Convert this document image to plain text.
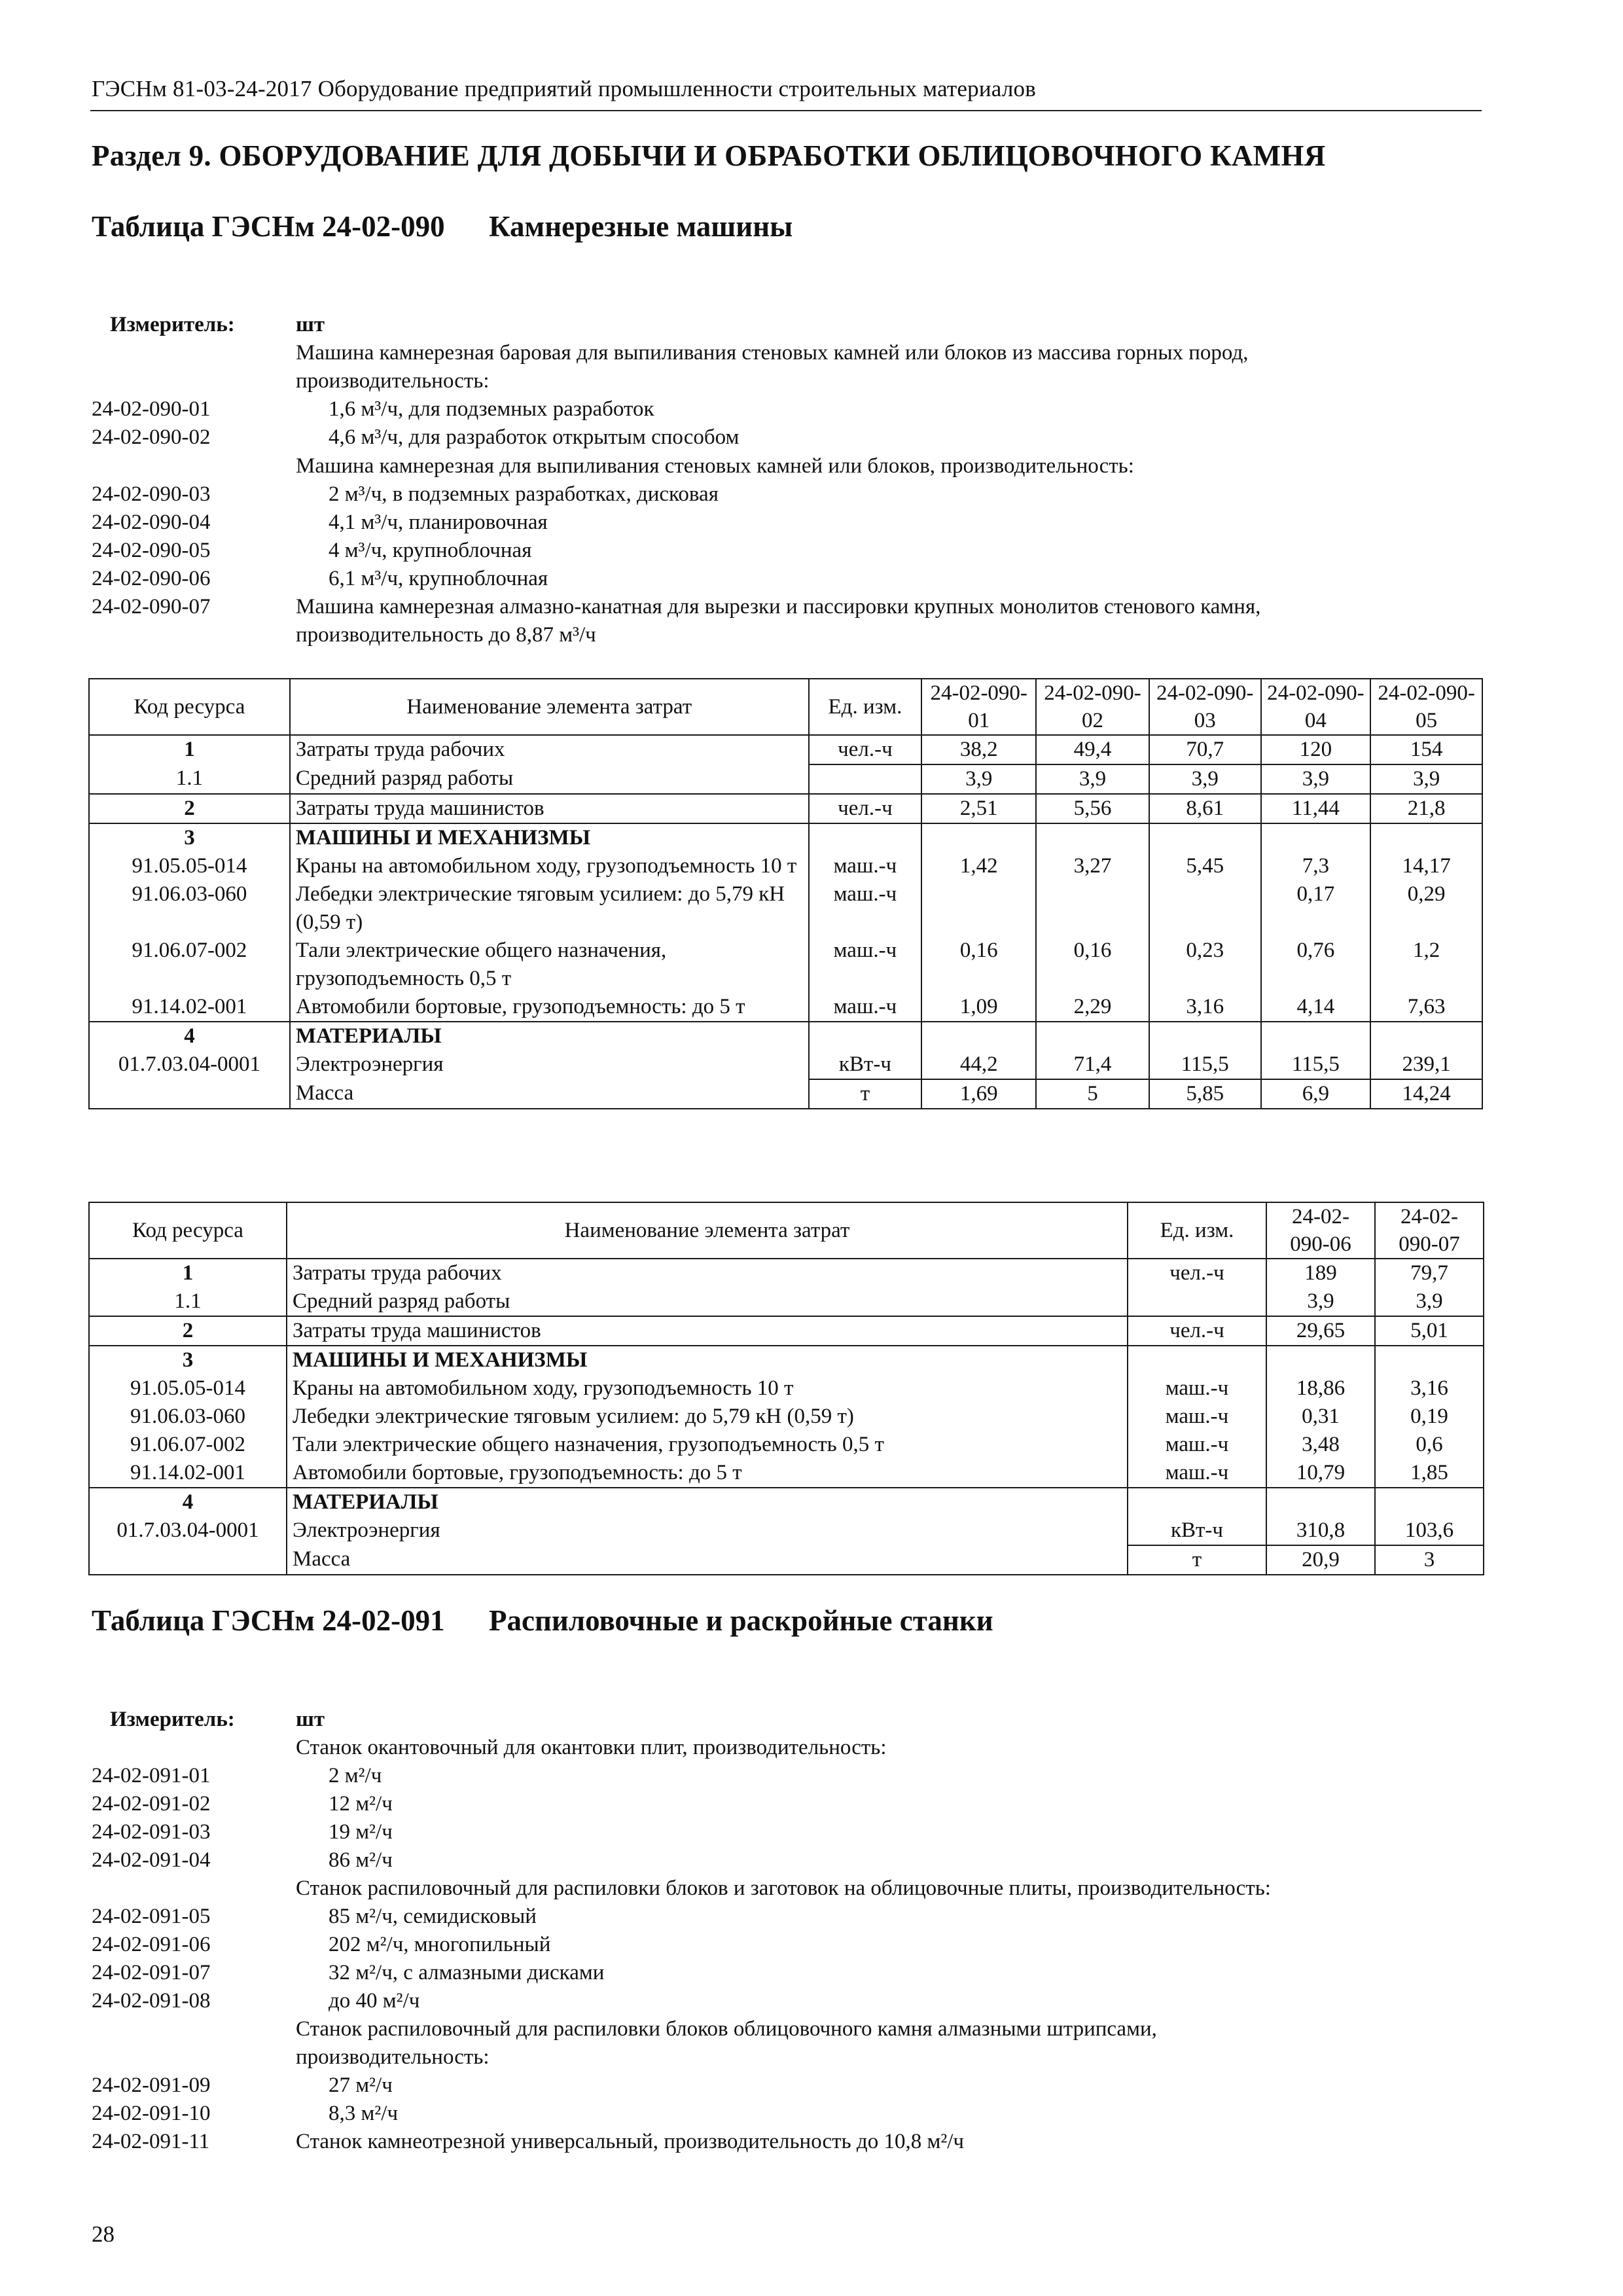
ГЭСНм 81-03-24-2017 Оборудование предприятий промышленности строительных материалов
Раздел 9. ОБОРУДОВАНИЕ ДЛЯ ДОБЫЧИ И ОБРАБОТКИ ОБЛИЦОВОЧНОГО КАМНЯ
Таблица ГЭСНм 24-02-090	Камнерезные машины
Измеритель:	шт
Машина камнерезная баровая для выпиливания стеновых камней или блоков из массива горных пород,
производительность:
24-02-090-01	1,6 м³/ч, для подземных разработок
24-02-090-02	4,6 м³/ч, для разработок открытым способом
Машина камнерезная для выпиливания стеновых камней или блоков, производительность:
24-02-090-03	2 м³/ч, в подземных разработках, дисковая
24-02-090-04	4,1 м³/ч, планировочная
24-02-090-05	4 м³/ч, крупноблочная
24-02-090-06	6,1 м³/ч, крупноблочная
24-02-090-07	Машина камнерезная алмазно-канатная для вырезки и пассировки крупных монолитов стенового камня,
производительность до 8,87 м³/ч
Код ресурса	Наименование элемента затрат	Ед. изм.	24-02-090-01	24-02-090-02	24-02-090-03	24-02-090-04	24-02-090-05
1	Затраты труда рабочих	чел.-ч	38,2	49,4	70,7	120	154
1.1	Средний разряд работы		3,9	3,9	3,9	3,9	3,9
2	Затраты труда машинистов	чел.-ч	2,51	5,56	8,61	11,44	21,8
3	МАШИНЫ И МЕХАНИЗМЫ						
91.05.05-014	Краны на автомобильном ходу, грузоподъемность 10 т	маш.-ч	1,42	3,27	5,45	7,3	14,17
91.06.03-060	Лебедки электрические тяговым усилием: до 5,79 кН (0,59 т)	маш.-ч				0,17	0,29
91.06.07-002	Тали электрические общего назначения, грузоподъемность 0,5 т	маш.-ч	0,16	0,16	0,23	0,76	1,2
91.14.02-001	Автомобили бортовые, грузоподъемность: до 5 т	маш.-ч	1,09	2,29	3,16	4,14	7,63
4	МАТЕРИАЛЫ						
01.7.03.04-0001	Электроэнергия	кВт-ч	44,2	71,4	115,5	115,5	239,1
	Масса	т	1,69	5	5,85	6,9	14,24
Код ресурса	Наименование элемента затрат	Ед. изм.	24-02-090-06	24-02-090-07
1	Затраты труда рабочих	чел.-ч	189	79,7
1.1	Средний разряд работы		3,9	3,9
2	Затраты труда машинистов	чел.-ч	29,65	5,01
3	МАШИНЫ И МЕХАНИЗМЫ			
91.05.05-014	Краны на автомобильном ходу, грузоподъемность 10 т	маш.-ч	18,86	3,16
91.06.03-060	Лебедки электрические тяговым усилием: до 5,79 кН (0,59 т)	маш.-ч	0,31	0,19
91.06.07-002	Тали электрические общего назначения, грузоподъемность 0,5 т	маш.-ч	3,48	0,6
91.14.02-001	Автомобили бортовые, грузоподъемность: до 5 т	маш.-ч	10,79	1,85
4	МАТЕРИАЛЫ			
01.7.03.04-0001	Электроэнергия	кВт-ч	310,8	103,6
	Масса	т	20,9	3
Таблица ГЭСНм 24-02-091	Распиловочные и раскройные станки
Измеритель:	шт
Станок окантовочный для окантовки плит, производительность:
24-02-091-01	2 м²/ч
24-02-091-02	12 м²/ч
24-02-091-03	19 м²/ч
24-02-091-04	86 м²/ч
Станок распиловочный для распиловки блоков и заготовок на облицовочные плиты, производительность:
24-02-091-05	85 м²/ч, семидисковый
24-02-091-06	202 м²/ч, многопильный
24-02-091-07	32 м²/ч, с алмазными дисками
24-02-091-08	до 40 м²/ч
Станок распиловочный для распиловки блоков облицовочного камня алмазными штрипсами,
производительность:
24-02-091-09	27 м²/ч
24-02-091-10	8,3 м²/ч
24-02-091-11	Станок камнеотрезной универсальный, производительность до 10,8 м²/ч
28
